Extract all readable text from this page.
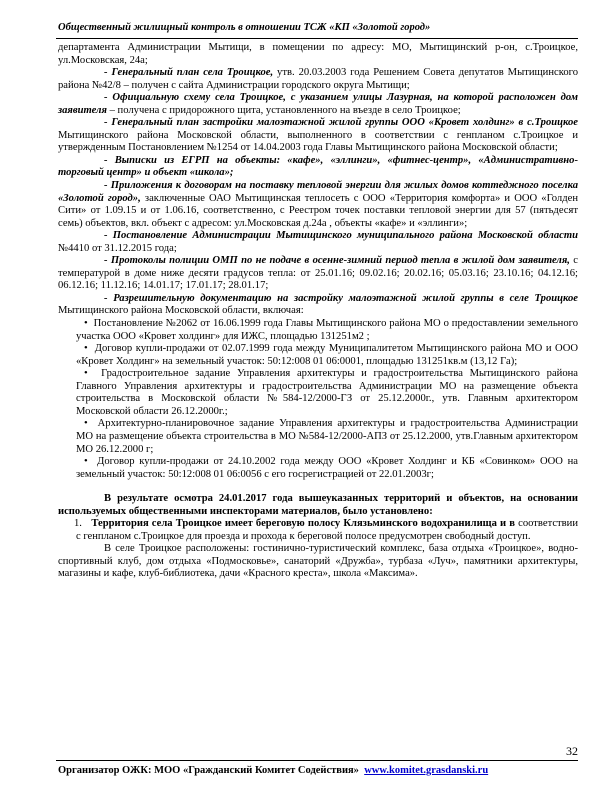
Общественный жилищный контроль в отношении ТСЖ «КП «Золотой город»

департамента Администрации Мытищи, в помещении по адресу: МО, Мытищинский р-он, с.Троицкое, ул.Московская, 24а;

- Генеральный план села Троицкое, утв. 20.03.2003 года Решением Совета депутатов Мытищинского района №42/8 – получен с сайта Администрации городского округа Мытищи;

- Официальную схему села Троицкое, с указанием улицы Лазурная, на которой расположен дом заявителя – получена с придорожного щита, установленного на въезде в село Троицкое;

- Генеральный план застройки малоэтажной жилой группы ООО «Кровет холдинг» в с.Троицкое Мытищинского района Московской области, выполненного в соответствии с генпланом с.Троицкое и утвержденным Постановлением №1254 от 14.04.2003 года Главы Мытищинского района Московской области;

- Выписки из ЕГРП на объекты: «кафе», «эллинги», «фитнес-центр», «Административно-торговый центр» и объект «школа»;

- Приложения к договорам на поставку тепловой энергии для жилых домов коттеджного поселка «Золотой город», заключенные ОАО Мытищинская теплосеть с ООО «Территория комфорта» и ООО «Голден Сити» от 1.09.15 и от 1.06.16, соответственно, с Реестром точек поставки тепловой энергии для 57 (пятьдесят семь) объектов, вкл. объект с адресом: ул.Московская д.24а , объекты «кафе» и «эллинги»;

- Постановление Администрации Мытищинского муниципального района Московской области №4410 от 31.12.2015 года;

- Протоколы полиции ОМП по не подаче в осенне-зимний период тепла в жилой дом заявителя, с температурой в доме ниже десяти градусов тепла: от 25.01.16; 09.02.16; 20.02.16; 05.03.16; 23.10.16; 04.12.16; 06.12.16; 11.12.16; 14.01.17; 17.01.17; 28.01.17;

- Разрешительную документацию на застройку малоэтажной жилой группы в селе Троицкое Мытищинского района Московской области, включая:

•  Постановление №2062 от 16.06.1999 года Главы Мытищинского района МО о предоставлении земельного участка ООО «Кровет холдинг» для ИЖС, площадью 131251м2 ;

•  Договор купли-продажи от 02.07.1999 года между Муниципалитетом Мытищинского района МО и ООО «Кровет Холдинг» на земельный участок: 50:12:008 01 06:0001, площадью 131251кв.м (13,12 Га);

•  Градостроительное задание Управления архитектуры и градостроительства Мытищинского района Главного Управления архитектуры и градостроительства Администрации МО на размещение объекта строительства в Московской области №584-12/2000-ГЗ от 25.12.2000г., утв. Главным архитектором Московской области 26.12.2000г.;

•  Архитектурно-планировочное задание Управления архитектуры и градостроительства Администрации МО на размещение объекта строительства в МО №584-12/2000-АПЗ от 25.12.2000, утв.Главным архитектором МО 26.12.2000 г;

•  Договор купли-продажи от 24.10.2002 года между ООО «Кровет Холдинг и КБ «Совинком» ООО на земельный участок: 50:12:008 01 06:0056 с его госрегистрацией от 22.01.2003г;

В результате осмотра 24.01.2017 года вышеуказанных территорий и объектов, на основании используемых общественными инспекторами материалов, было установлено:

1. Территория села Троицкое имеет береговую полосу Клязьминского водохранилища и в соответствии с генпланом с.Троицкое для проезда и прохода к береговой полосе предусмотрен свободный доступ.

В селе Троицкое расположены: гостинично-туристический комплекс, база отдыха «Троицкое», водно-спортивный клуб, дом отдыха «Подмосковье», санаторий «Дружба», турбаза «Луч», памятники архитектуры, магазины и кафе, клуб-библиотека, дачи «Красного креста», школа «Максима».

32
Организатор ОЖК: МОО «Гражданский Комитет Содействия» www.komitet.grasdanski.ru
